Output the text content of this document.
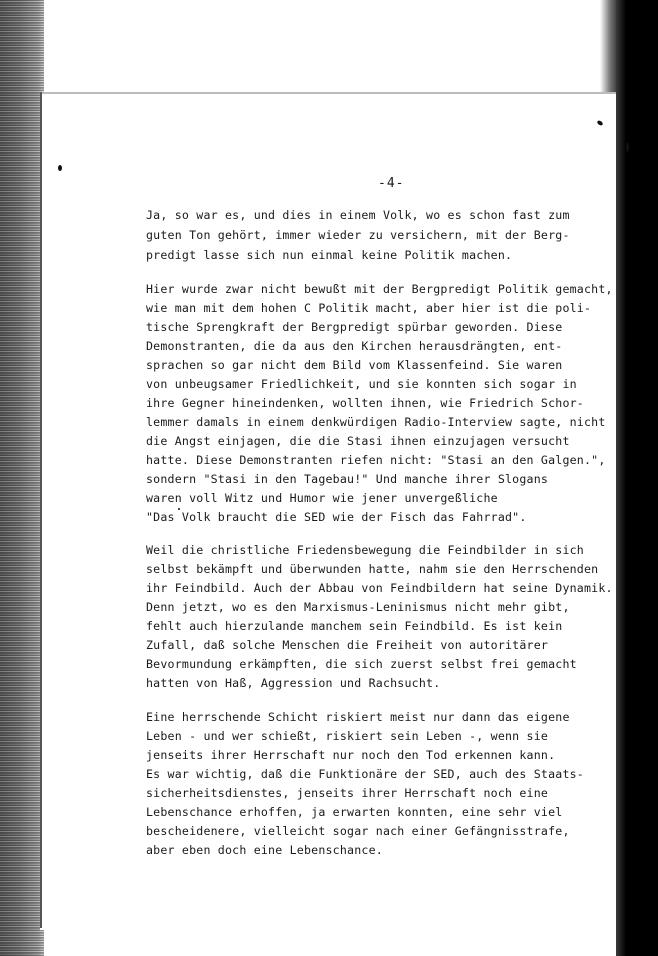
-4-
Ja, so war es, und dies in einem Volk, wo es schon fast zum
guten Ton gehört, immer wieder zu versichern, mit der Berg-
predigt lasse sich nun einmal keine Politik machen.
Hier wurde zwar nicht bewußt mit der Bergpredigt Politik gemacht,
wie man mit dem hohen C Politik macht, aber hier ist die poli-
tische Sprengkraft der Bergpredigt spürbar geworden. Diese
Demonstranten, die da aus den Kirchen herausdrängten, ent-
sprachen so gar nicht dem Bild vom Klassenfeind. Sie waren
von unbeugsamer Friedlichkeit, und sie konnten sich sogar in
ihre Gegner hineindenken, wollten ihnen, wie Friedrich Schor-
lemmer damals in einem denkwürdigen Radio-Interview sagte, nicht
die Angst einjagen, die die Stasi ihnen einzujagen versucht
hatte. Diese Demonstranten riefen nicht: "Stasi an den Galgen.",
sondern "Stasi in den Tagebau!" Und manche ihrer Slogans
waren voll Witz und Humor wie jener unvergeßliche
"Das Volk braucht die SED wie der Fisch das Fahrrad".
Weil die christliche Friedensbewegung die Feindbilder in sich
selbst bekämpft und überwunden hatte, nahm sie den Herrschenden
ihr Feindbild. Auch der Abbau von Feindbildern hat seine Dynamik.
Denn jetzt, wo es den Marxismus-Leninismus nicht mehr gibt,
fehlt auch hierzulande manchem sein Feindbild. Es ist kein
Zufall, daß solche Menschen die Freiheit von autoritärer
Bevormundung erkämpften, die sich zuerst selbst frei gemacht
hatten von Haß, Aggression und Rachsucht.
Eine herrschende Schicht riskiert meist nur dann das eigene
Leben - und wer schießt, riskiert sein Leben -, wenn sie
jenseits ihrer Herrschaft nur noch den Tod erkennen kann.
Es war wichtig, daß die Funktionäre der SED, auch des Staats-
sicherheitsdienstes, jenseits ihrer Herrschaft noch eine
Lebenschance erhoffen, ja erwarten konnten, eine sehr viel
bescheidenere, vielleicht sogar nach einer Gefängnisstrafe,
aber eben doch eine Lebenschance.
